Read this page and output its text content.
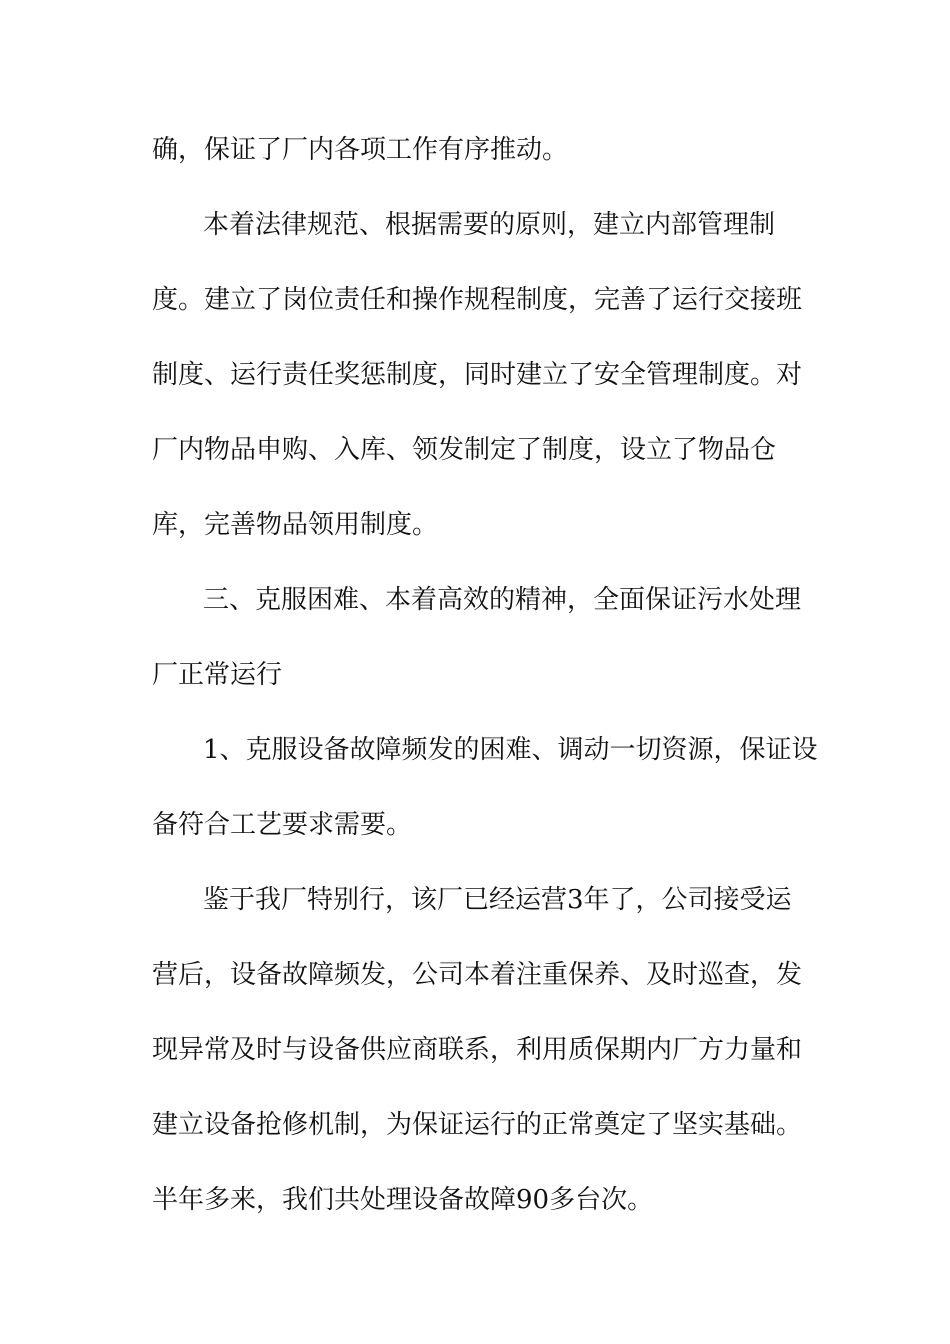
确，保证了厂内各项工作有序推动。
本着法律规范、根据需要的原则，建立内部管理制
度。建立了岗位责任和操作规程制度，完善了运行交接班
制度、运行责任奖惩制度，同时建立了安全管理制度。对
厂内物品申购、入库、领发制定了制度，设立了物品仓
库，完善物品领用制度。
三、克服困难、本着高效的精神，全面保证污水处理
厂正常运行
1、克服设备故障频发的困难、调动一切资源，保证设
备符合工艺要求需要。
鉴于我厂特别行，该厂已经运营3年了，公司接受运
营后，设备故障频发，公司本着注重保养、及时巡查，发
现异常及时与设备供应商联系，利用质保期内厂方力量和
建立设备抢修机制，为保证运行的正常奠定了坚实基础。
半年多来，我们共处理设备故障90多台次。
